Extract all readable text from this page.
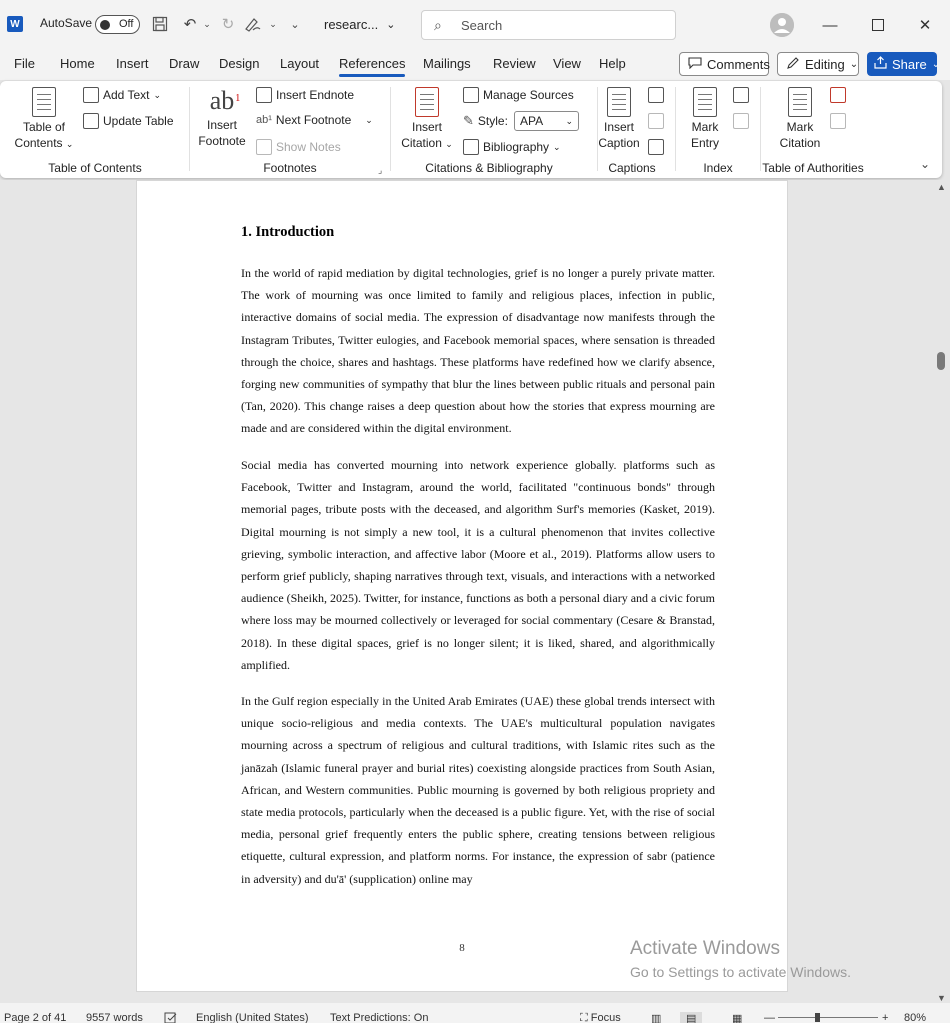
W AutoSave Off	↶ ⌄ ↻	⌄	⌄	researc... ⌄	⌕ Search	—	✕
File Home Insert Draw Design Layout References Mailings Review View Help	Comments	Editing ⌄	Share ⌄
Table of
Contents ⌄
Add Text ⌄
Update Table
Table of Contents
ab 1
Insert
Footnote
Insert Endnote
ab¹ Next Footnote ⌄
Show Notes
Footnotes	⌟
Insert
Citation ⌄
Manage Sources
✎ Style:
Bibliography ⌄
Citations & Bibliography
Insert
Caption
Captions
Mark
Entry
Index
Mark
Citation
Table of Authorities	⌄
APA ⌄
1. Introduction

In the world of rapid mediation by digital technologies, grief is no longer a purely private matter. The work of mourning was once limited to family and religious places, infection in public, interactive domains of social media. The expression of disadvantage now manifests through the Instagram Tributes, Twitter eulogies, and Facebook memorial spaces, where sensation is threaded through the choice, shares and hashtags. These platforms have redefined how we clarify absence, forging new communities of sympathy that blur the lines between public rituals and personal pain (Tan, 2020). This change raises a deep question about how the stories that express mourning are made and are considered within the digital environment.

Social media has converted mourning into network experience globally. platforms such as Facebook, Twitter and Instagram, around the world, facilitated "continuous bonds" through memorial pages, tribute posts with the deceased, and algorithm Surf's memories (Kasket, 2019). Digital mourning is not simply a new tool, it is a cultural phenomenon that invites collective grieving, symbolic interaction, and affective labor (Moore et al., 2019). Platforms allow users to perform grief publicly, shaping narratives through text, visuals, and interactions with a networked audience (Sheikh, 2025). Twitter, for instance, functions as both a personal diary and a civic forum where loss may be mourned collectively or leveraged for social commentary (Cesare & Branstad, 2018). In these digital spaces, grief is no longer silent; it is liked, shared, and algorithmically amplified.

In the Gulf region especially in the United Arab Emirates (UAE) these global trends intersect with unique socio-religious and media contexts. The UAE's multicultural population navigates mourning across a spectrum of religious and cultural traditions, with Islamic rites such as the janāzah (Islamic funeral prayer and burial rites) coexisting alongside practices from South Asian, African, and Western communities. Public mourning is governed by both religious propriety and state media protocols, particularly when the deceased is a public figure. Yet, with the rise of social media, personal grief frequently enters the public sphere, creating tensions between religious etiquette, cultural expression, and platform norms. For instance, the expression of sabr (patience in adversity) and du'ā' (supplication) online may

8	Activate Windows
Go to Settings to activate Windows.
▲
▼
Page 2 of 41 9557 words	English (United States) Text Predictions: On	⛶ Focus	▥	▤	▦ —	+ 80%
